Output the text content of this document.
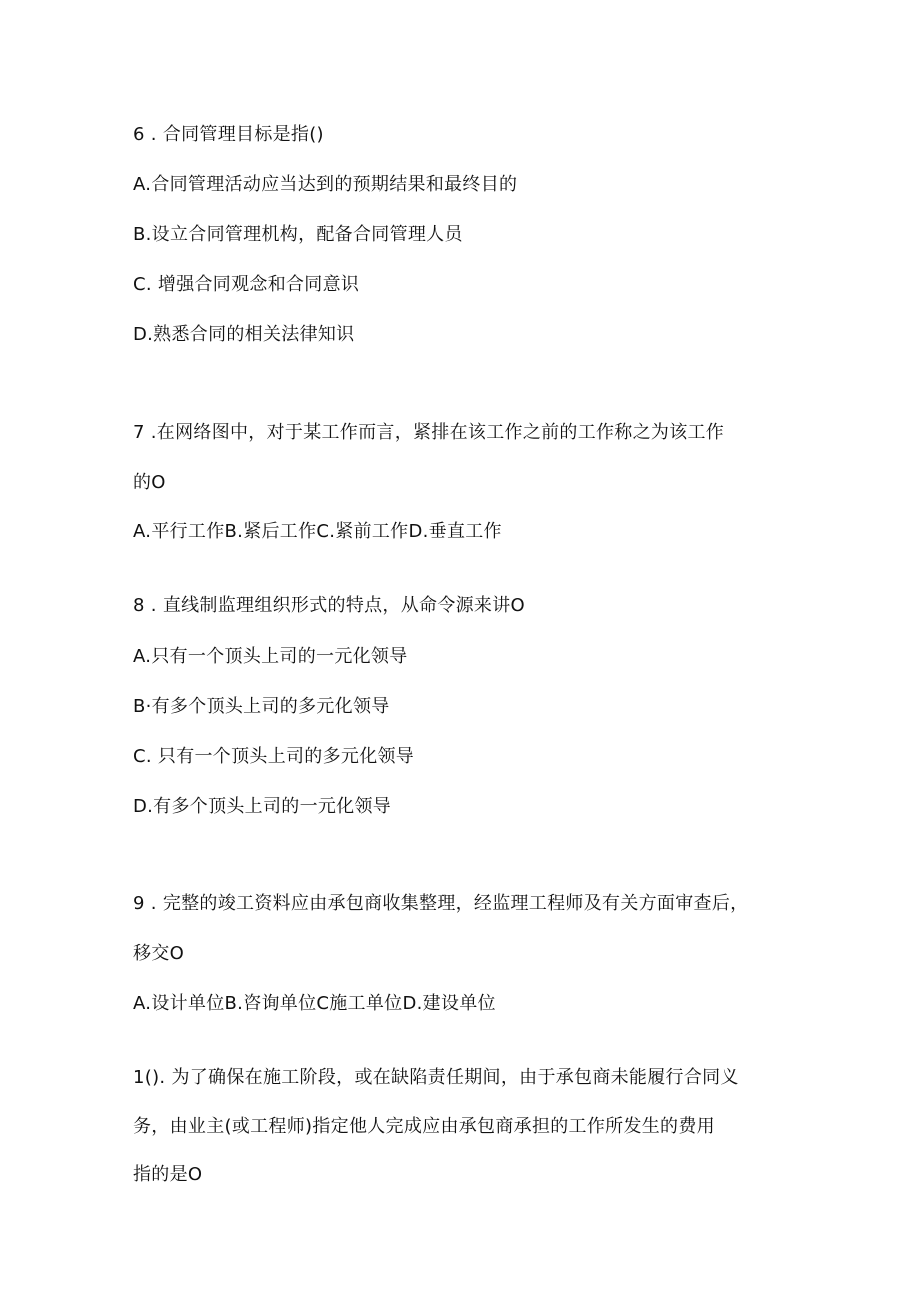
6 . 合同管理目标是指()
A.合同管理活动应当达到的预期结果和最终目的
B.设立合同管理机构，配备合同管理人员
C. 增强合同观念和合同意识
D.熟悉合同的相关法律知识
7 .在网络图中，对于某工作而言，紧排在该工作之前的工作称之为该工作
的O
A.平行工作B.紧后工作C.紧前工作D.垂直工作
8 . 直线制监理组织形式的特点，从命令源来讲O
A.只有一个顶头上司的一元化领导
B·有多个顶头上司的多元化领导
C. 只有一个顶头上司的多元化领导
D.有多个顶头上司的一元化领导
9 . 完整的竣工资料应由承包商收集整理，经监理工程师及有关方面审查后，
移交O
A.设计单位B.咨询单位C施工单位D.建设单位
1(). 为了确保在施工阶段，或在缺陷责任期间，由于承包商未能履行合同义
务，由业主(或工程师)指定他人完成应由承包商承担的工作所发生的费用
指的是O
